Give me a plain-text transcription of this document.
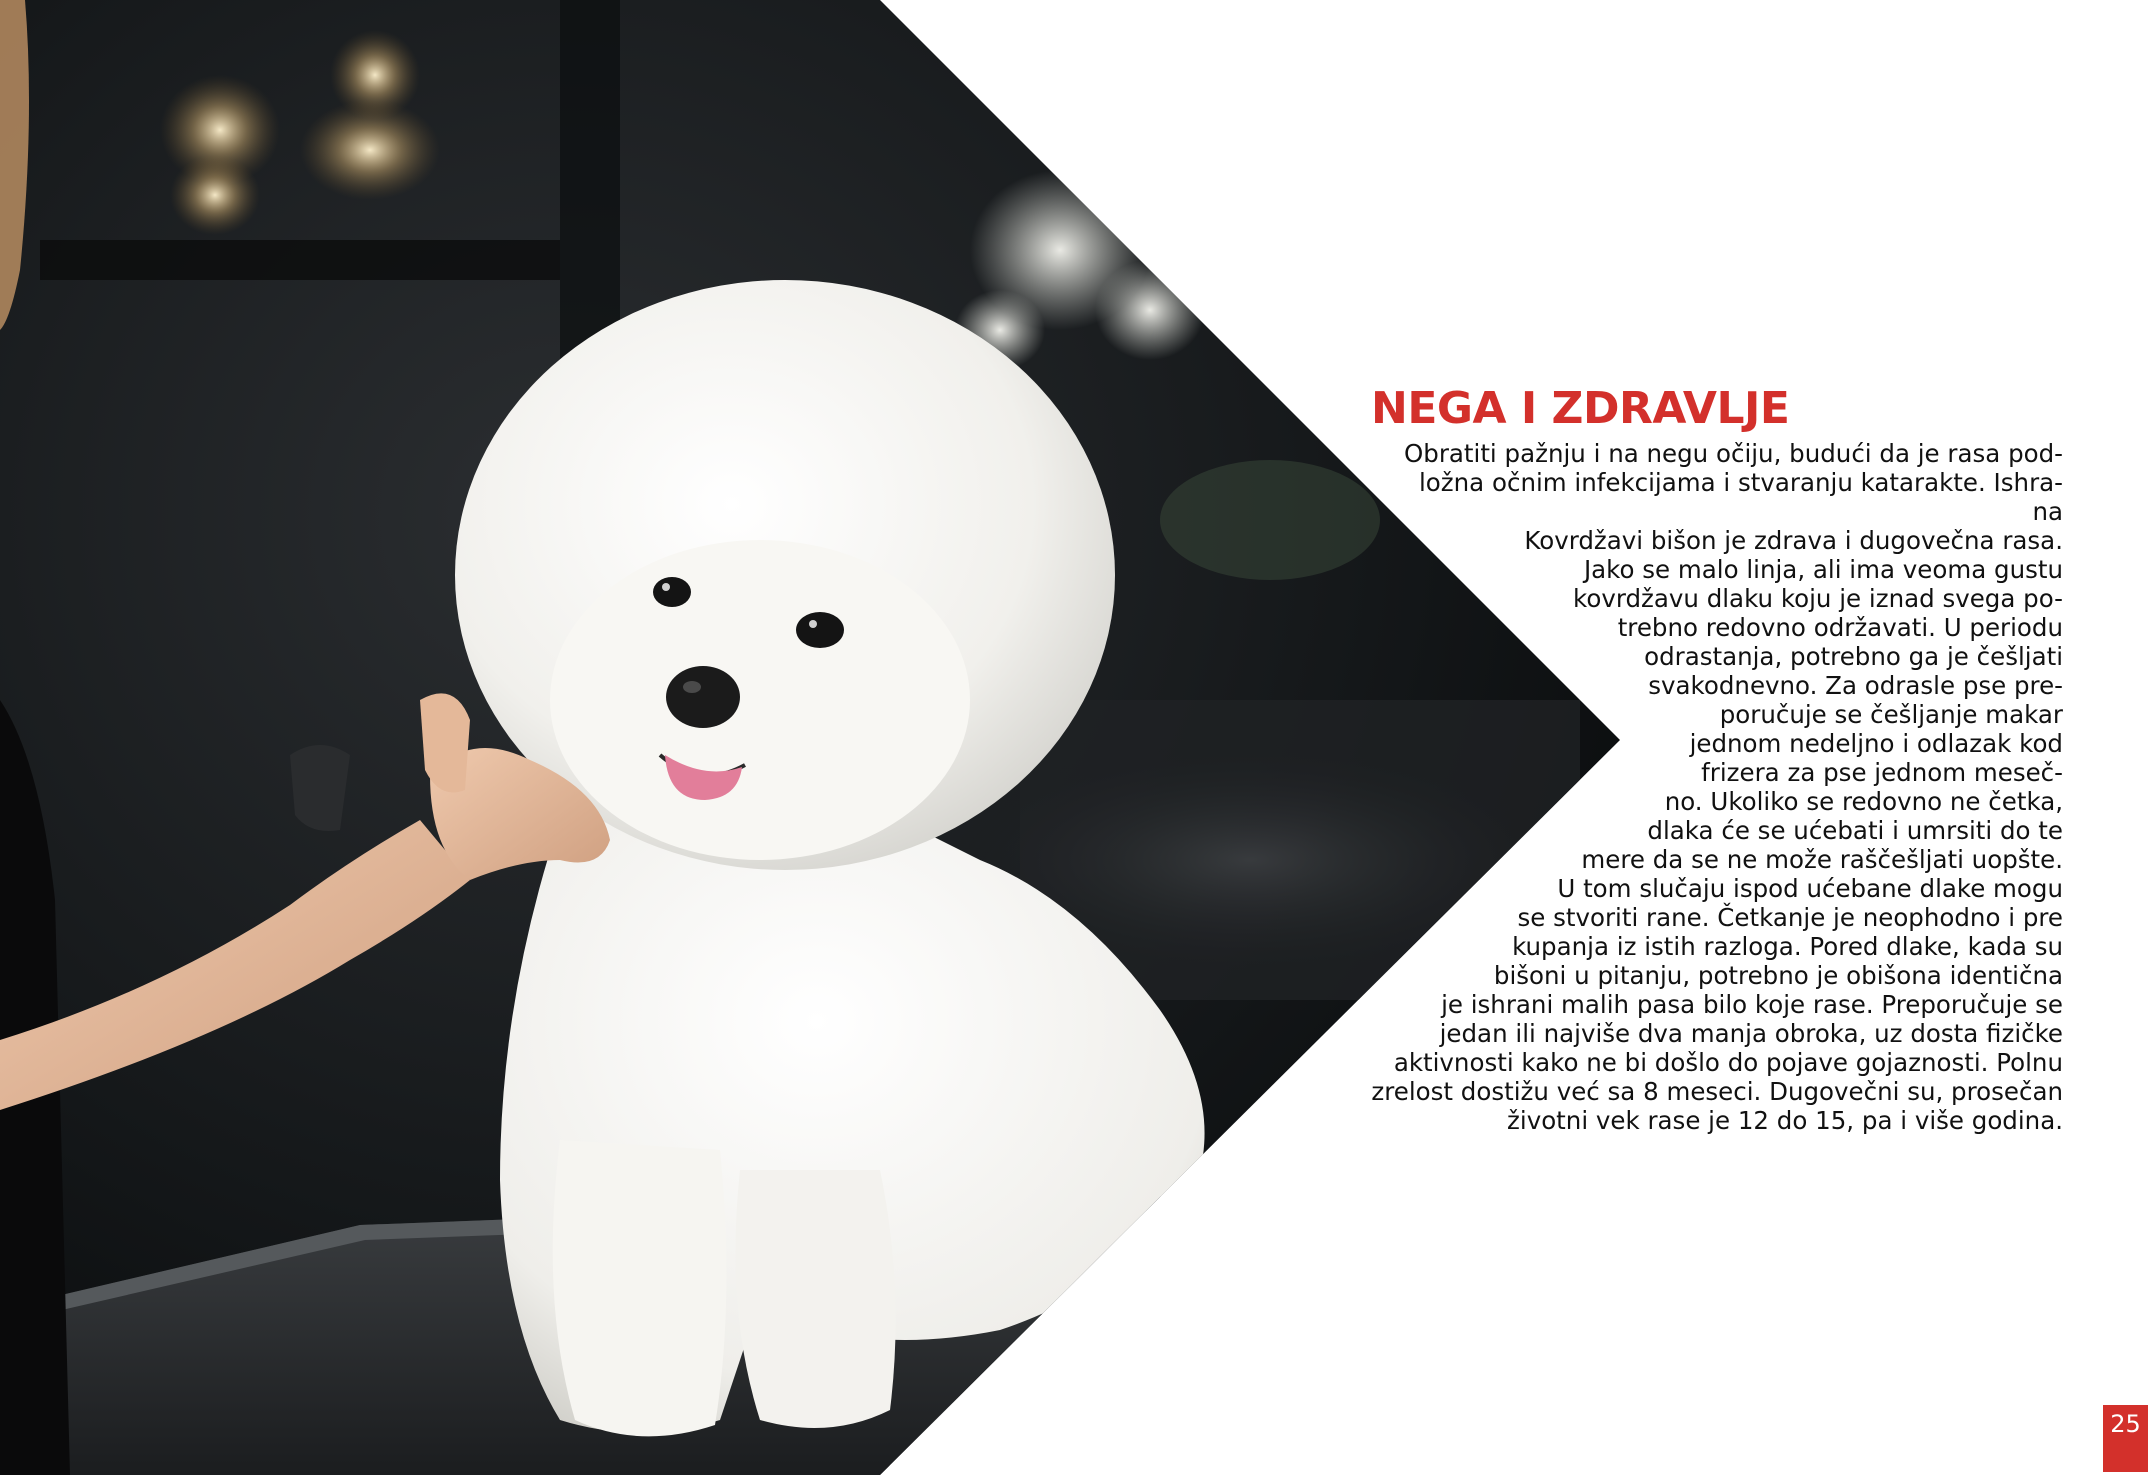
NEGA I ZDRAVLJE
Obratiti pažnju i na negu očiju, budući da je rasa pod-
ložna očnim infekcijama i stvaranju katarakte. Ishra-
na
Kovrdžavi bišon je zdrava i dugovečna rasa.
Jako se malo linja, ali ima veoma gustu
kovrdžavu dlaku koju je iznad svega po-
trebno redovno održavati. U periodu
odrastanja, potrebno ga je češljati
svakodnevno. Za odrasle pse pre-
poručuje se češljanje makar
jednom nedeljno i odlazak kod
frizera za pse jednom meseč-
no. Ukoliko se redovno ne četka,
dlaka će se ućebati i umrsiti do te
mere da se ne može raščešljati uopšte.
U tom slučaju ispod ućebane dlake mogu
se stvoriti rane. Četkanje je neophodno i pre
kupanja iz istih razloga. Pored dlake, kada su
bišoni u pitanju, potrebno je obišona identična
je ishrani malih pasa bilo koje rase. Preporučuje se
jedan ili najviše dva manja obroka, uz dosta fizičke
aktivnosti kako ne bi došlo do pojave gojaznosti. Polnu
zrelost dostižu već sa 8 meseci. Dugovečni su, prosečan
životni vek rase je 12 do 15, pa i više godina.
25
